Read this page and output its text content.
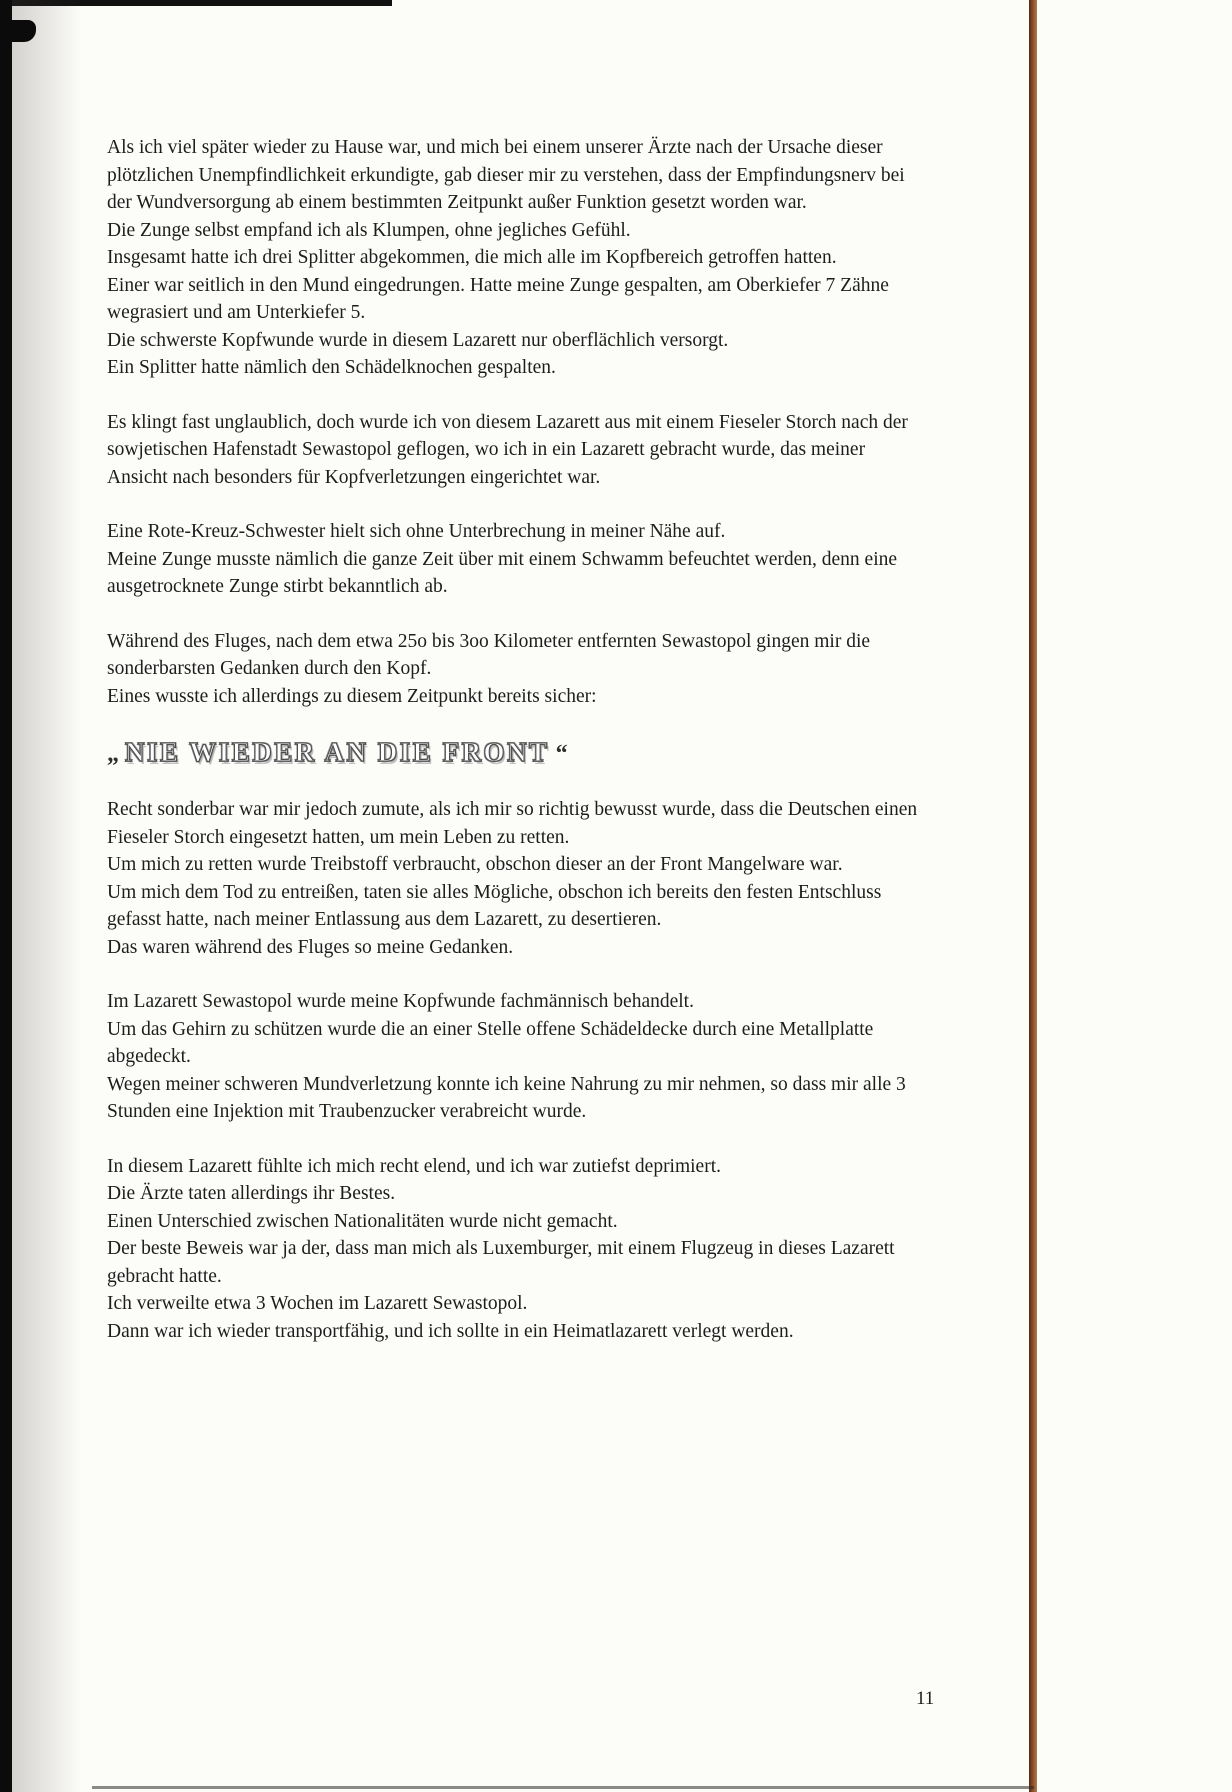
Als ich viel später wieder zu Hause war, und mich bei einem unserer Ärzte nach der Ursache dieser plötzlichen Unempfindlichkeit erkundigte, gab dieser mir zu verstehen, dass der Empfindungsnerv bei der Wundversorgung ab einem bestimmten Zeitpunkt außer Funktion gesetzt worden war.

Die Zunge selbst empfand ich als Klumpen, ohne jegliches Gefühl.

Insgesamt hatte ich drei Splitter abgekommen, die mich alle im Kopfbereich getroffen hatten.

Einer war seitlich in den Mund eingedrungen. Hatte meine Zunge gespalten, am Oberkiefer 7 Zähne wegrasiert und am Unterkiefer 5.

Die schwerste Kopfwunde wurde in diesem Lazarett nur oberflächlich versorgt.

Ein Splitter hatte nämlich den Schädelknochen gespalten.

Es klingt fast unglaublich, doch wurde ich von diesem Lazarett aus mit einem Fieseler Storch nach der sowjetischen Hafenstadt Sewastopol geflogen, wo ich in ein Lazarett gebracht wurde, das meiner Ansicht nach besonders für Kopfverletzungen eingerichtet war.

Eine Rote-Kreuz-Schwester hielt sich ohne Unterbrechung in meiner Nähe auf.

Meine Zunge musste nämlich die ganze Zeit über mit einem Schwamm befeuchtet werden, denn eine ausgetrocknete Zunge stirbt bekanntlich ab.

Während des Fluges, nach dem etwa 25o bis 3oo Kilometer entfernten Sewastopol gingen mir die sonderbarsten Gedanken durch den Kopf.

Eines wusste ich allerdings zu diesem Zeitpunkt bereits sicher:

„ NIE WIEDER AN DIE FRONT “

Recht sonderbar war mir jedoch zumute, als ich mir so richtig bewusst wurde, dass die Deutschen einen Fieseler Storch eingesetzt hatten, um mein Leben zu retten.

Um mich zu retten wurde Treibstoff verbraucht, obschon dieser an der Front Mangelware war.

Um mich dem Tod zu entreißen, taten sie alles Mögliche, obschon ich bereits den festen Entschluss gefasst hatte, nach meiner Entlassung aus dem Lazarett, zu desertieren.

Das waren während des Fluges so meine Gedanken.

Im Lazarett Sewastopol wurde meine Kopfwunde fachmännisch behandelt.

Um das Gehirn zu schützen wurde die an einer Stelle offene Schädeldecke durch eine Metallplatte abgedeckt.

Wegen meiner schweren Mundverletzung konnte ich keine Nahrung zu mir nehmen, so dass mir alle 3 Stunden eine Injektion mit Traubenzucker verabreicht wurde.

In diesem Lazarett fühlte ich mich recht elend, und ich war zutiefst deprimiert.

Die Ärzte taten allerdings ihr Bestes.

Einen Unterschied zwischen Nationalitäten wurde nicht gemacht.

Der beste Beweis war ja der, dass man mich als Luxemburger, mit einem Flugzeug in dieses Lazarett gebracht hatte.

Ich verweilte etwa 3 Wochen im Lazarett Sewastopol.

Dann war ich wieder transportfähig, und ich sollte in ein Heimatlazarett verlegt werden.

11
